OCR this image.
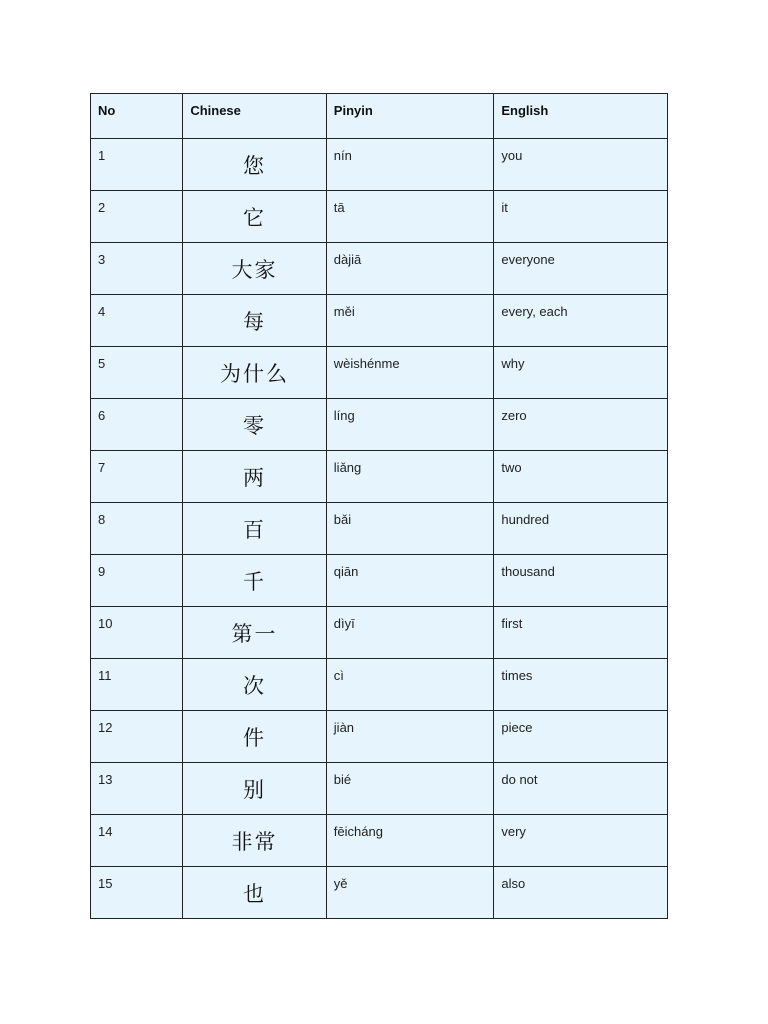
No	Chinese	Pinyin	English

1	您	nín	you

2	它	tā	it

3	大家	dàjiā	everyone

4	每	měi	every, each

5	为什么	wèishénme	why

6	零	líng	zero

7	两	liǎng	two

8	百	bǎi	hundred

9	千	qiān	thousand

10	第一	dìyī	first

11	次	cì	times

12	件	jiàn	piece

13	别	bié	do not

14	非常	fēicháng	very

15	也	yě	also
